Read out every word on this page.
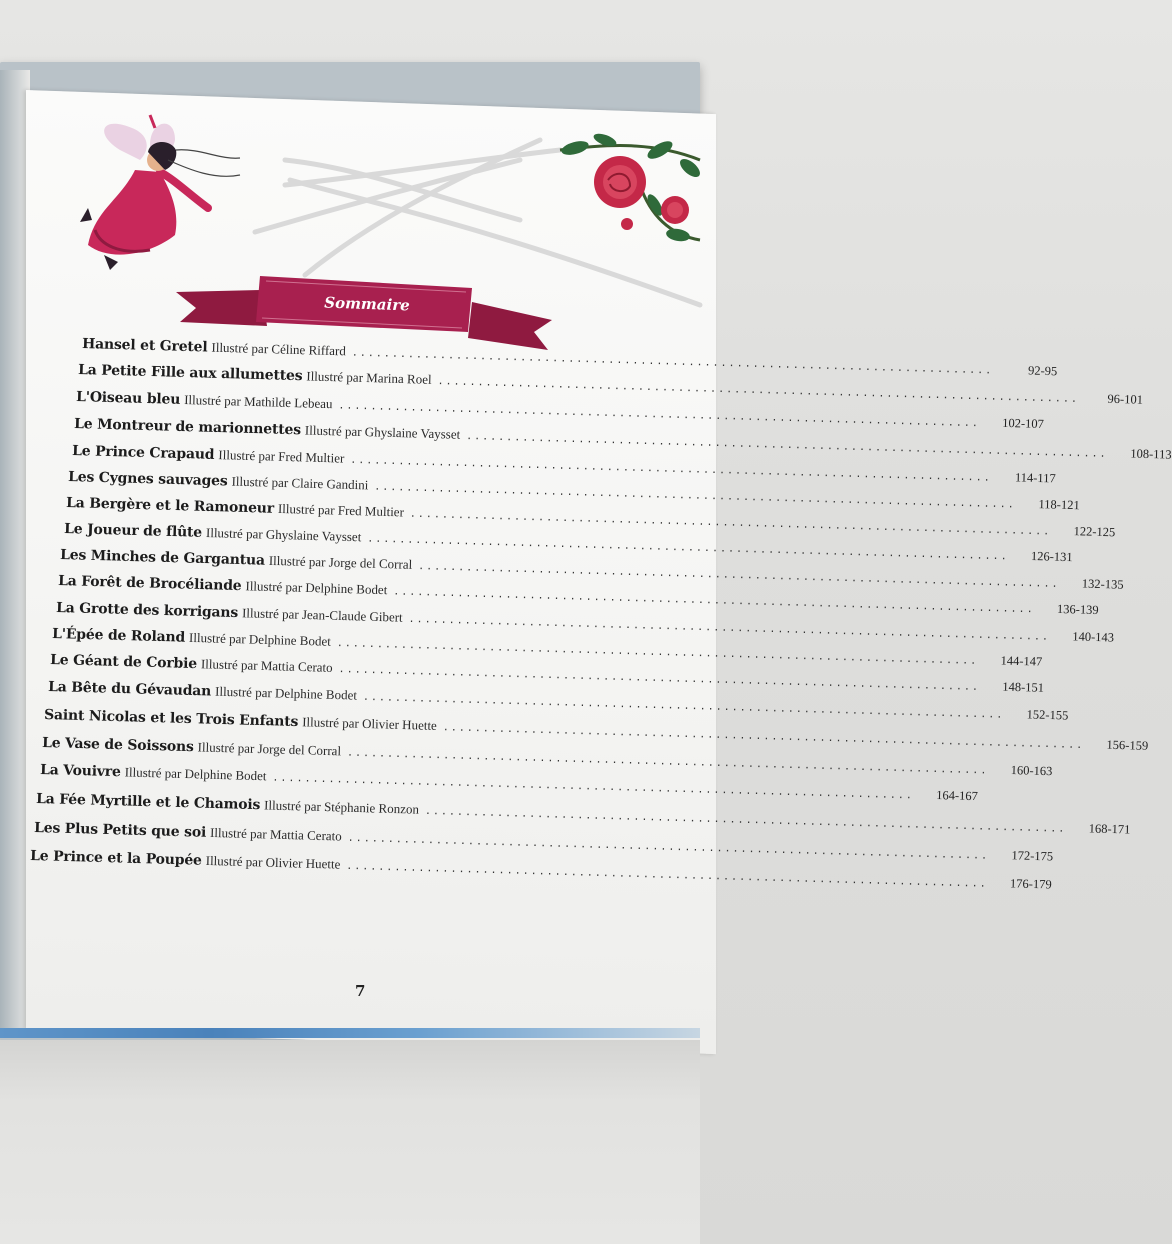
Sommaire
Hansel et Gretel Illustré par Céline Riffard ................................................................................	92-95
La Petite Fille aux allumettes Illustré par Marina Roel ................................................................................	96-101
L'Oiseau bleu Illustré par Mathilde Lebeau ................................................................................	102-107
Le Montreur de marionnettes Illustré par Ghyslaine Vaysset ................................................................................	108-113
Le Prince Crapaud Illustré par Fred Multier ................................................................................	114-117
Les Cygnes sauvages Illustré par Claire Gandini ................................................................................	118-121
La Bergère et le Ramoneur Illustré par Fred Multier ................................................................................	122-125
Le Joueur de flûte Illustré par Ghyslaine Vaysset ................................................................................	126-131
Les Minches de Gargantua Illustré par Jorge del Corral ................................................................................	132-135
La Forêt de Brocéliande Illustré par Delphine Bodet ................................................................................	136-139
La Grotte des korrigans Illustré par Jean-Claude Gibert ................................................................................	140-143
L'Épée de Roland Illustré par Delphine Bodet ................................................................................	144-147
Le Géant de Corbie Illustré par Mattia Cerato ................................................................................	148-151
La Bête du Gévaudan Illustré par Delphine Bodet ................................................................................	152-155
Saint Nicolas et les Trois Enfants Illustré par Olivier Huette ................................................................................	156-159
Le Vase de Soissons Illustré par Jorge del Corral ................................................................................	160-163
La Vouivre Illustré par Delphine Bodet ................................................................................	164-167
La Fée Myrtille et le Chamois Illustré par Stéphanie Ronzon ................................................................................	168-171
Les Plus Petits que soi Illustré par Mattia Cerato ................................................................................	172-175
Le Prince et la Poupée Illustré par Olivier Huette ................................................................................	176-179
7
